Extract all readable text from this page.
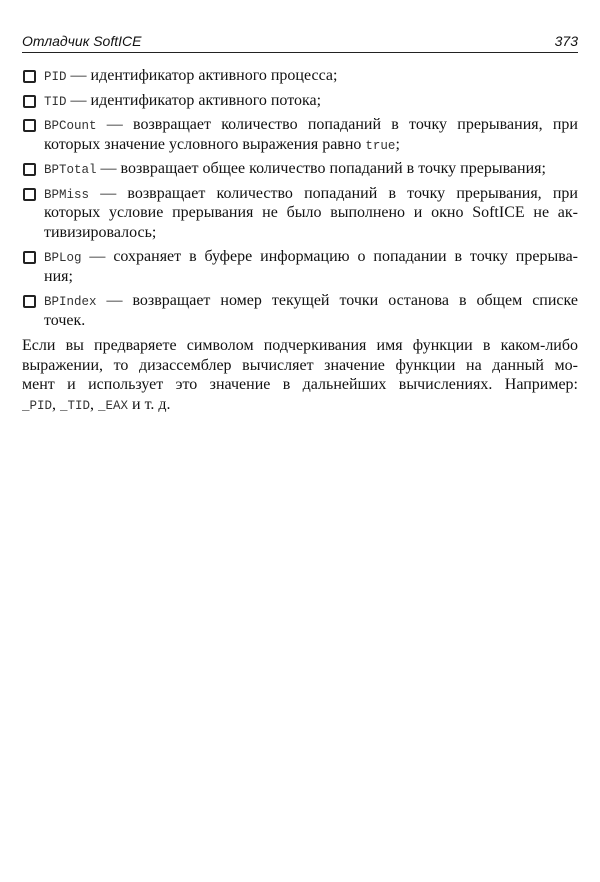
Отладчик SoftICE	373
PID — идентификатор активного процесса;
TID — идентификатор активного потока;
BPCount — возвращает количество попаданий в точку прерывания, при
которых значение условного выражения равно true;
BPTotal — возвращает общее количество попаданий в точку прерывания;
BPMiss — возвращает количество попаданий в точку прерывания, при
которых условие прерывания не было выполнено и окно SoftICE не ак-
тивизировалось;
BPLog — сохраняет в буфере информацию о попадании в точку прерыва-
ния;
BPIndex — возвращает номер текущей точки останова в общем списке
точек.
Если вы предваряете символом подчеркивания имя функции в каком-либо
выражении, то дизассемблер вычисляет значение функции на данный мо-
мент и использует это значение в дальнейших вычислениях. Например:
_PID, _TID, _EAX и т. д.
